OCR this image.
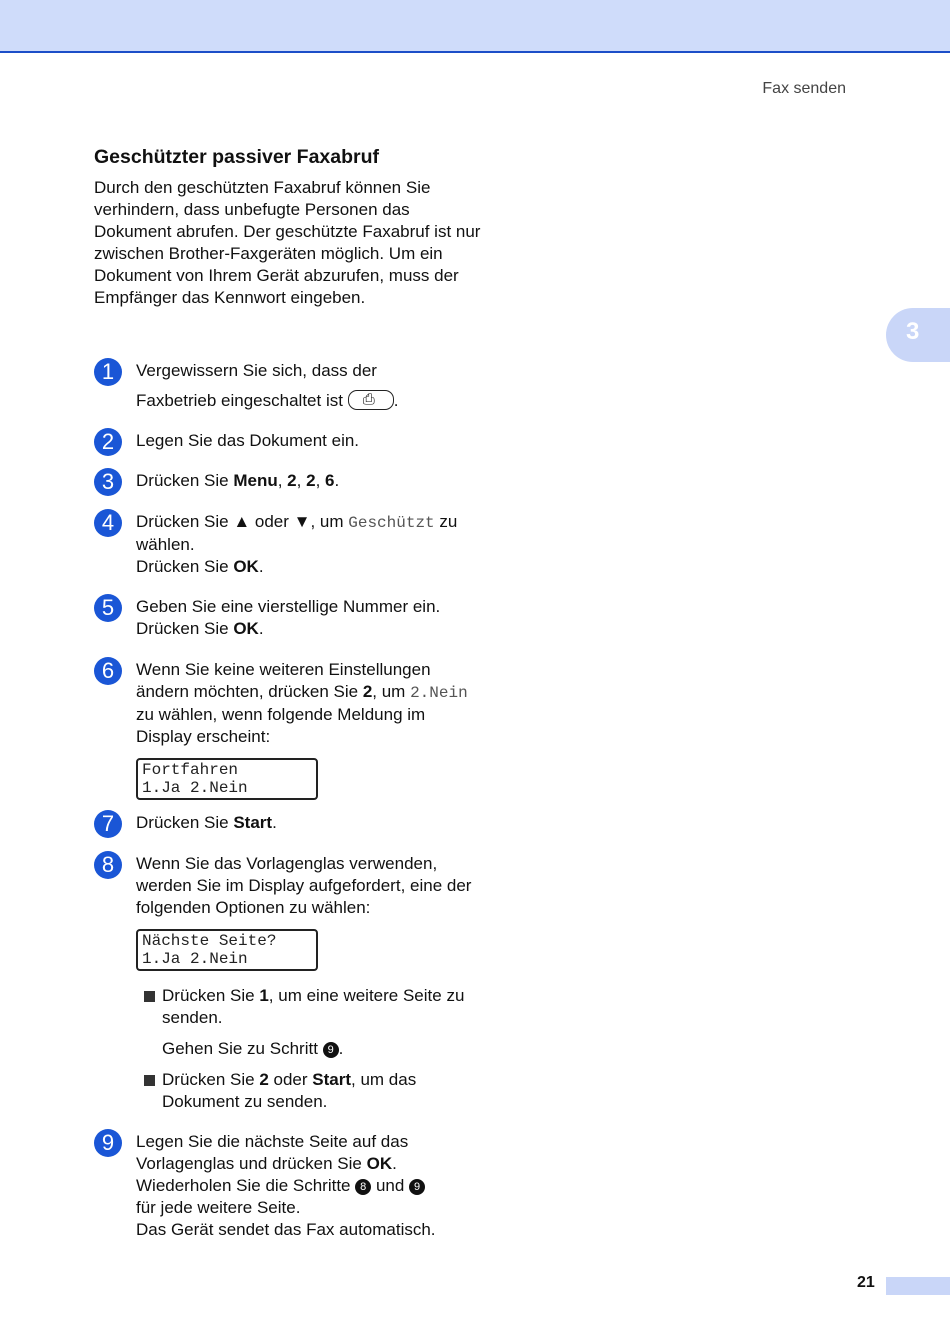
Fax senden
3
Geschützter passiver Faxabruf

Durch den geschützten Faxabruf können Sie verhindern, dass unbefugte Personen das Dokument abrufen. Der geschützte Faxabruf ist nur zwischen Brother-Faxgeräten möglich. Um ein Dokument von Ihrem Gerät abzurufen, muss der Empfänger das Kennwort eingeben.

1	Vergewissern Sie sich, dass der

Faxbetrieb eingeschaltet ist ⎙	.
2	Legen Sie das Dokument ein.
3	Drücken Sie Menu, 2, 2, 6.
4	Drücken Sie ▲ oder ▼, um Geschützt zu wählen.
Drücken Sie OK.
5	Geben Sie eine vierstellige Nummer ein.
Drücken Sie OK.
6	Wenn Sie keine weiteren Einstellungen ändern möchten, drücken Sie 2, um 2.Nein zu wählen, wenn folgende Meldung im Display erscheint:
Fortfahren
1.Ja 2.Nein
7	Drücken Sie Start.
8	Wenn Sie das Vorlagenglas verwenden, werden Sie im Display aufgefordert, eine der folgenden Optionen zu wählen:
Nächste Seite?
1.Ja 2.Nein
Drücken Sie 1, um eine weitere Seite zu senden.
Gehen Sie zu Schritt 9 .
Drücken Sie 2 oder Start, um das Dokument zu senden.
9	Legen Sie die nächste Seite auf das Vorlagenglas und drücken Sie OK.
Wiederholen Sie die Schritte 8 und 9
für jede weitere Seite.
Das Gerät sendet das Fax automatisch.
21
